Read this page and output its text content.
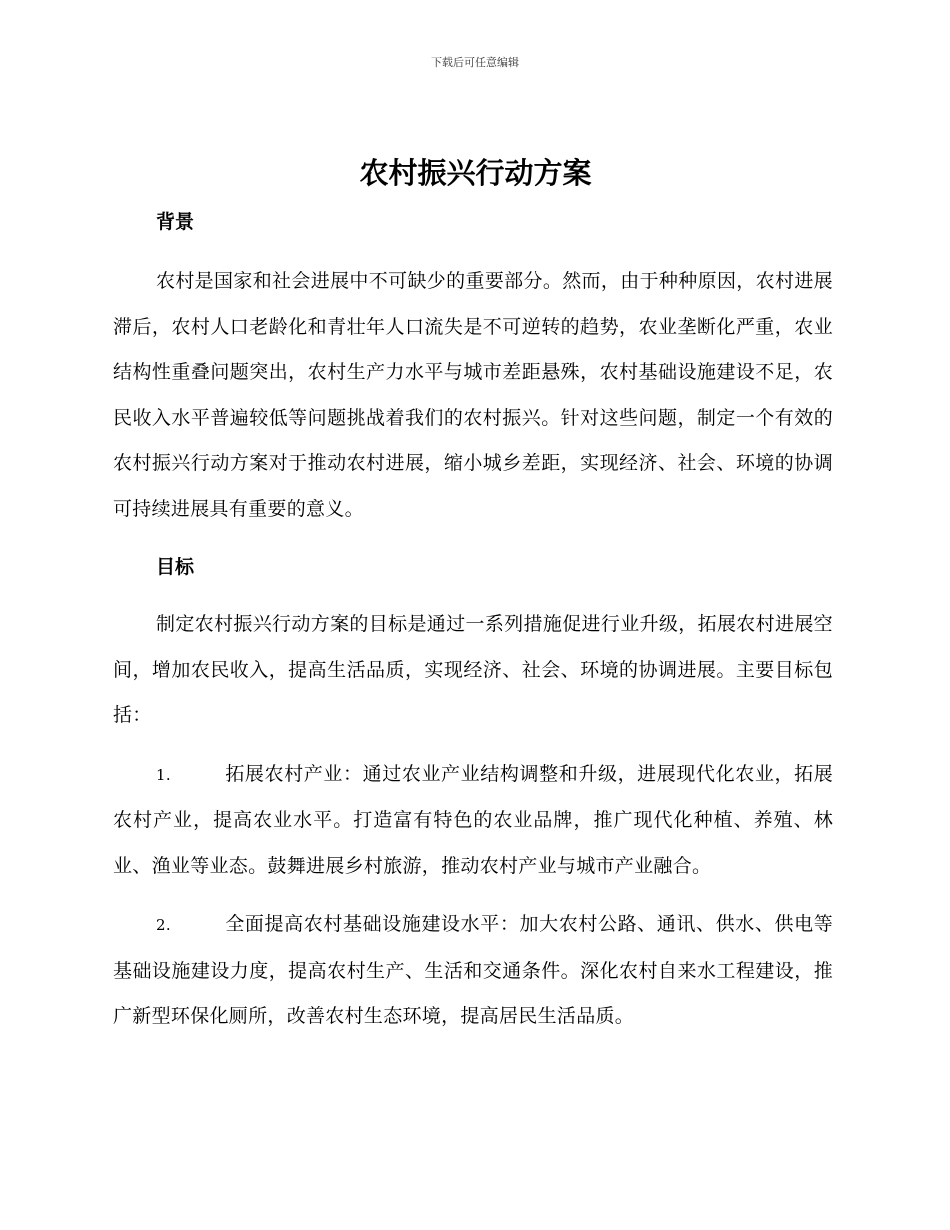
下载后可任意编辑
农村振兴行动方案
背景

农村是国家和社会进展中不可缺少的重要部分。然而，由于种种原因，农村进展滞后，农村人口老龄化和青壮年人口流失是不可逆转的趋势，农业垄断化严重，农业结构性重叠问题突出，农村生产力水平与城市差距悬殊，农村基础设施建设不足，农民收入水平普遍较低等问题挑战着我们的农村振兴。针对这些问题，制定一个有效的农村振兴行动方案对于推动农村进展，缩小城乡差距，实现经济、社会、环境的协调可持续进展具有重要的意义。

目标

制定农村振兴行动方案的目标是通过一系列措施促进行业升级，拓展农村进展空间，增加农民收入，提高生活品质，实现经济、社会、环境的协调进展。主要目标包括：

1.	拓展农村产业：通过农业产业结构调整和升级，进展现代化农业，拓展农村产业，提高农业水平。打造富有特色的农业品牌，推广现代化种植、养殖、林业、渔业等业态。鼓舞进展乡村旅游，推动农村产业与城市产业融合。

2.	全面提高农村基础设施建设水平：加大农村公路、通讯、供水、供电等基础设施建设力度，提高农村生产、生活和交通条件。深化农村自来水工程建设，推广新型环保化厕所，改善农村生态环境，提高居民生活品质。
